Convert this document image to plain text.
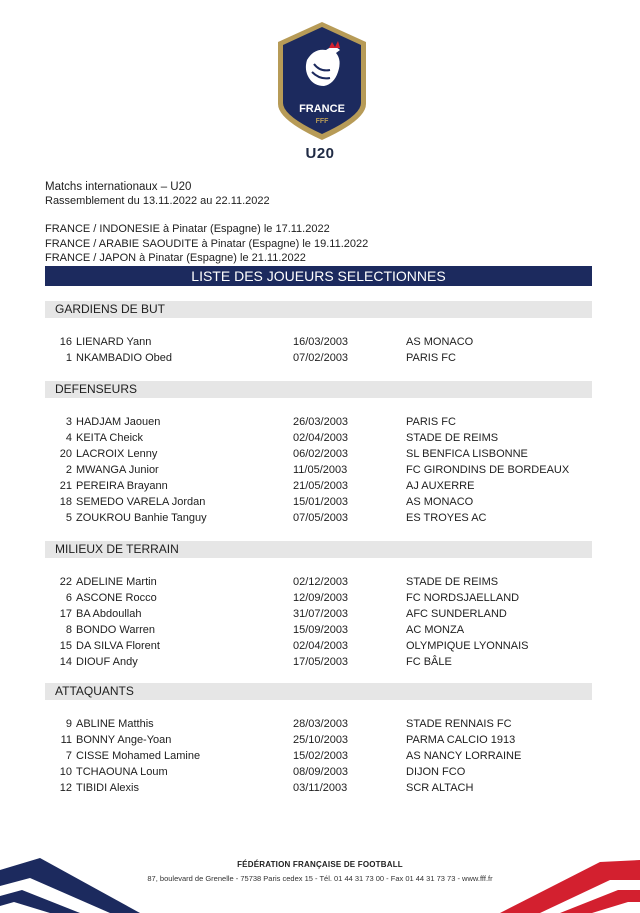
FRANCE
FFF
U20
Matchs internationaux – U20
Rassemblement du 13.11.2022 au 22.11.2022
FRANCE / INDONESIE à Pinatar (Espagne) le 17.11.2022
FRANCE / ARABIE SAOUDITE à Pinatar (Espagne) le 19.11.2022
FRANCE / JAPON à Pinatar (Espagne) le 21.11.2022
LISTE DES JOUEURS SELECTIONNES
GARDIENS DE BUT
16 LIENARD Yann	16/03/2003	AS MONACO
1 NKAMBADIO Obed	07/02/2003	PARIS FC
DEFENSEURS
3 HADJAM Jaouen	26/03/2003	PARIS FC
4 KEITA Cheick	02/04/2003	STADE DE REIMS
20 LACROIX Lenny	06/02/2003	SL BENFICA LISBONNE
2 MWANGA Junior	11/05/2003	FC GIRONDINS DE BORDEAUX
21 PEREIRA Brayann	21/05/2003	AJ AUXERRE
18 SEMEDO VARELA Jordan	15/01/2003	AS MONACO
5 ZOUKROU Banhie Tanguy	07/05/2003	ES TROYES AC
MILIEUX DE TERRAIN
22 ADELINE Martin	02/12/2003	STADE DE REIMS
6 ASCONE Rocco	12/09/2003	FC NORDSJAELLAND
17 BA Abdoullah	31/07/2003	AFC SUNDERLAND
8 BONDO Warren	15/09/2003	AC MONZA
15 DA SILVA Florent	02/04/2003	OLYMPIQUE LYONNAIS
14 DIOUF Andy	17/05/2003	FC BÂLE
ATTAQUANTS
9 ABLINE Matthis	28/03/2003	STADE RENNAIS FC
11 BONNY Ange-Yoan	25/10/2003	PARMA CALCIO 1913
7 CISSE Mohamed Lamine	15/02/2003	AS NANCY LORRAINE
10 TCHAOUNA Loum	08/09/2003	DIJON FCO
12 TIBIDI Alexis	03/11/2003	SCR ALTACH
FÉDÉRATION FRANÇAISE DE FOOTBALL
87, boulevard de Grenelle - 75738 Paris cedex 15 - Tél. 01 44 31 73 00 - Fax 01 44 31 73 73 - www.fff.fr
